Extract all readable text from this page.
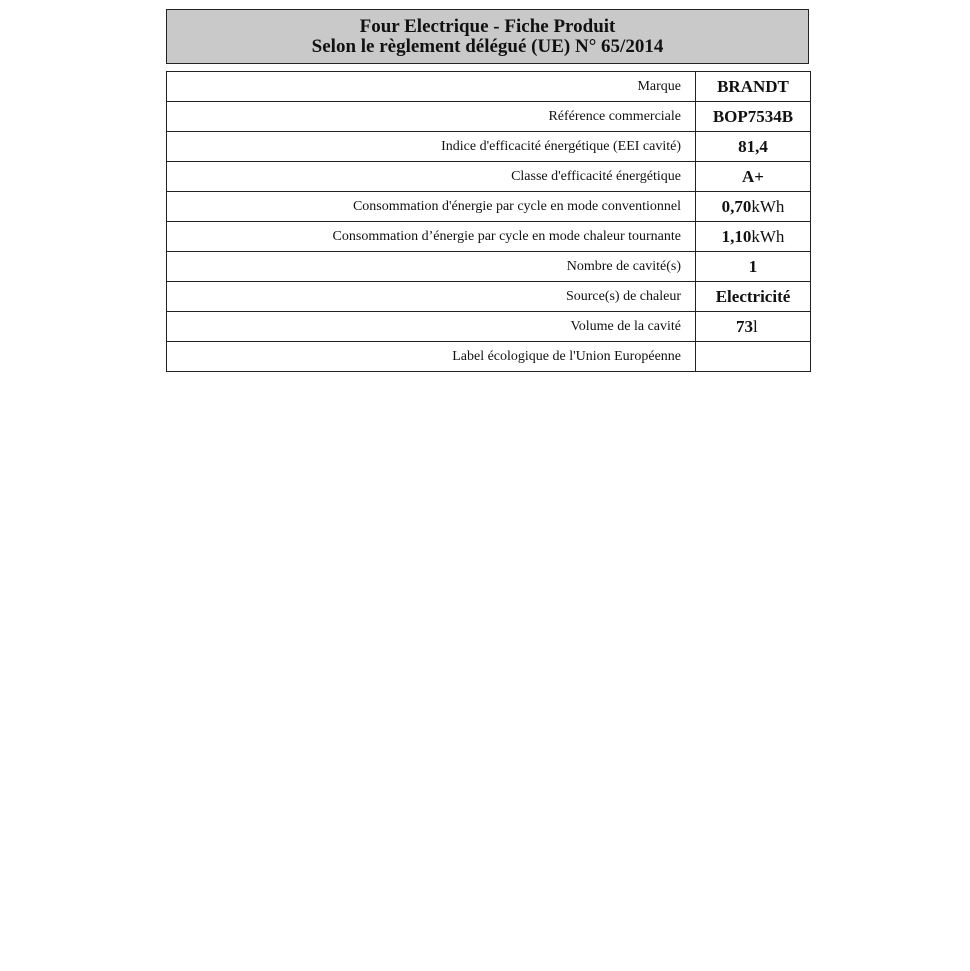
Four Electrique - Fiche Produit
Selon le règlement délégué (UE) N° 65/2014
Marque	BRANDT
Référence commerciale	BOP7534B
Indice d'efficacité énergétique (EEI cavité)	81,4
Classe d'efficacité énergétique	A+
Consommation d'énergie par cycle en mode conventionnel	0,70kWh
Consommation d’énergie par cycle en mode chaleur tournante	1,10kWh
Nombre de cavité(s)	1
Source(s) de chaleur	Electricité
Volume de la cavité	73l
Label écologique de l'Union Européenne	
